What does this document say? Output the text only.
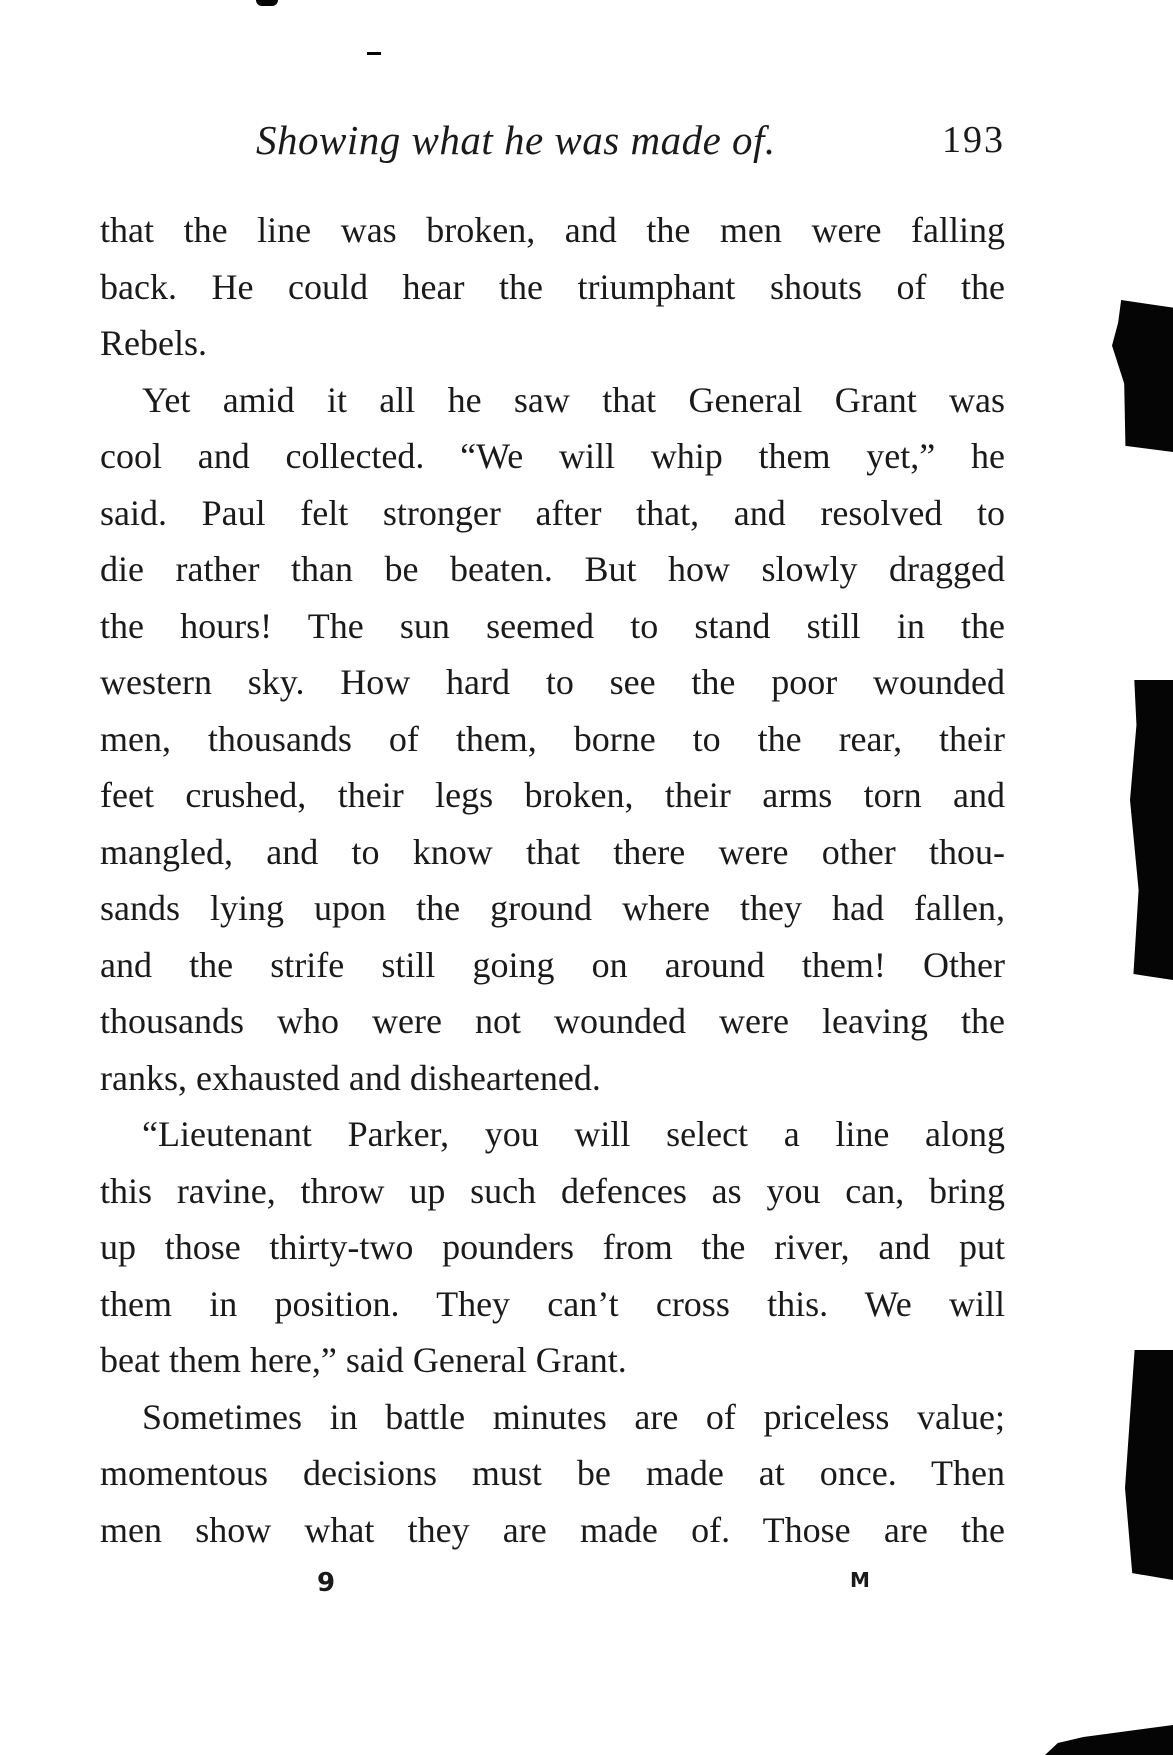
Showing what he was made of.	193
that the line was broken, and the men were falling
back. He could hear the triumphant shouts of the
Rebels.
Yet amid it all he saw that General Grant was
cool and collected. “We will whip them yet,” he
said. Paul felt stronger after that, and resolved to
die rather than be beaten. But how slowly dragged
the hours! The sun seemed to stand still in the
western sky. How hard to see the poor wounded
men, thousands of them, borne to the rear, their
feet crushed, their legs broken, their arms torn and
mangled, and to know that there were other thou-
sands lying upon the ground where they had fallen,
and the strife still going on around them! Other
thousands who were not wounded were leaving the
ranks, exhausted and disheartened.
“Lieutenant Parker, you will select a line along
this ravine, throw up such defences as you can, bring
up those thirty-two pounders from the river, and put
them in position. They can’t cross this. We will
beat them here,” said General Grant.
Sometimes in battle minutes are of priceless value;
momentous decisions must be made at once. Then
men show what they are made of. Those are the
9	M
